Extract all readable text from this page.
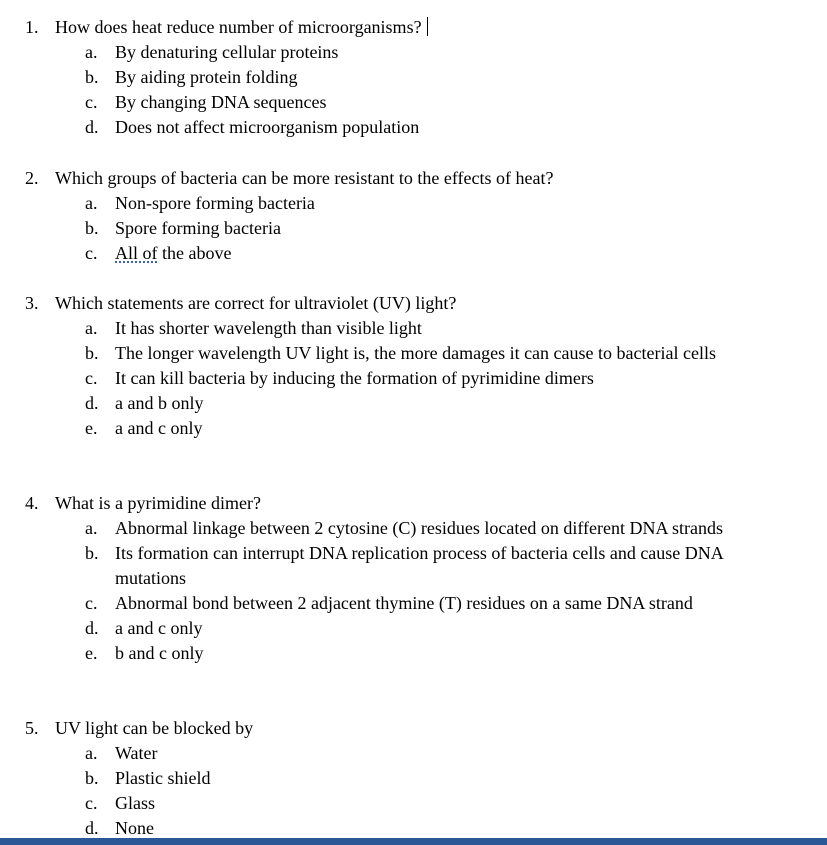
1. How does heat reduce number of microorganisms?
a. By denaturing cellular proteins
b. By aiding protein folding
c. By changing DNA sequences
d. Does not affect microorganism population
2. Which groups of bacteria can be more resistant to the effects of heat?
a. Non-spore forming bacteria
b. Spore forming bacteria
c. All of the above
3. Which statements are correct for ultraviolet (UV) light?
a. It has shorter wavelength than visible light
b. The longer wavelength UV light is, the more damages it can cause to bacterial cells
c. It can kill bacteria by inducing the formation of pyrimidine dimers
d. a and b only
e. a and c only
4. What is a pyrimidine dimer?
a. Abnormal linkage between 2 cytosine (C) residues located on different DNA strands
b. Its formation can interrupt DNA replication process of bacteria cells and cause DNA mutations
c. Abnormal bond between 2 adjacent thymine (T) residues on a same DNA strand
d. a and c only
e. b and c only
5. UV light can be blocked by
a. Water
b. Plastic shield
c. Glass
d. None
